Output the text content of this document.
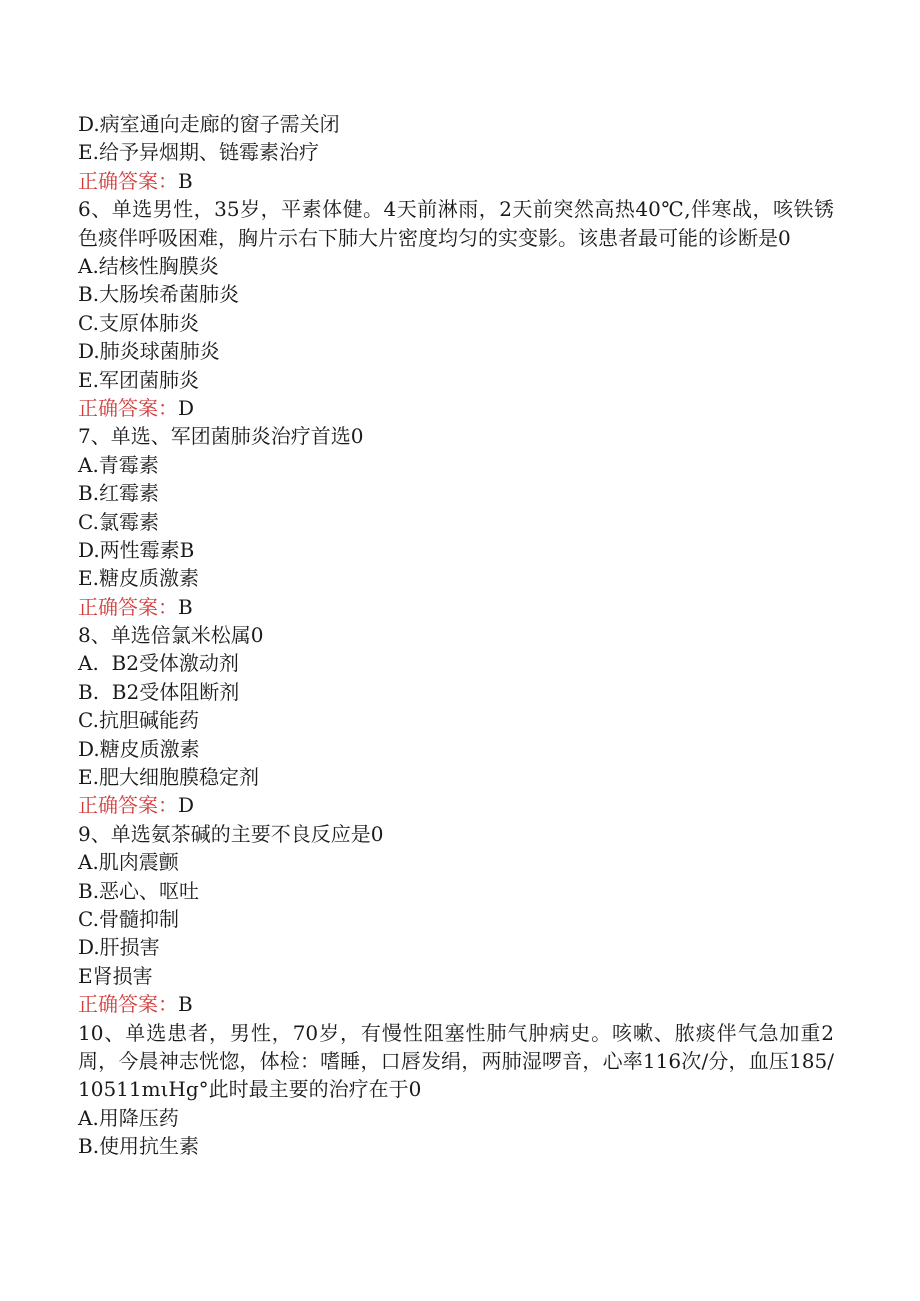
D.病室通向走廊的窗子需关闭
E.给予异烟期、链霉素治疗
正确答案：B
6、单选男性，35岁，平素体健。4天前淋雨，2天前突然高热40℃,伴寒战，咳铁锈色痰伴呼吸困难，胸片示右下肺大片密度均匀的实变影。该患者最可能的诊断是0
A.结核性胸膜炎
B.大肠埃希菌肺炎
C.支原体肺炎
D.肺炎球菌肺炎
E.军团菌肺炎
正确答案：D
7、单选、军团菌肺炎治疗首选0
A.青霉素
B.红霉素
C.氯霉素
D.两性霉素B
E.糖皮质激素
正确答案：B
8、单选倍氯米松属0
A.  B2受体激动剂
B.  B2受体阻断剂
C.抗胆碱能药
D.糖皮质激素
E.肥大细胞膜稳定剂
正确答案：D
9、单选氨茶碱的主要不良反应是0
A.肌肉震颤
B.恶心、呕吐
C.骨髓抑制
D.肝损害
E肾损害
正确答案：B
10、单选患者，男性，70岁，有慢性阻塞性肺气肿病史。咳嗽、脓痰伴气急加重2周，今晨神志恍惚，体检：嗜睡，口唇发绢，两肺湿啰音，心率116次/分，血压185/10511mιHg°此时最主要的治疗在于0
A.用降压药
B.使用抗生素
